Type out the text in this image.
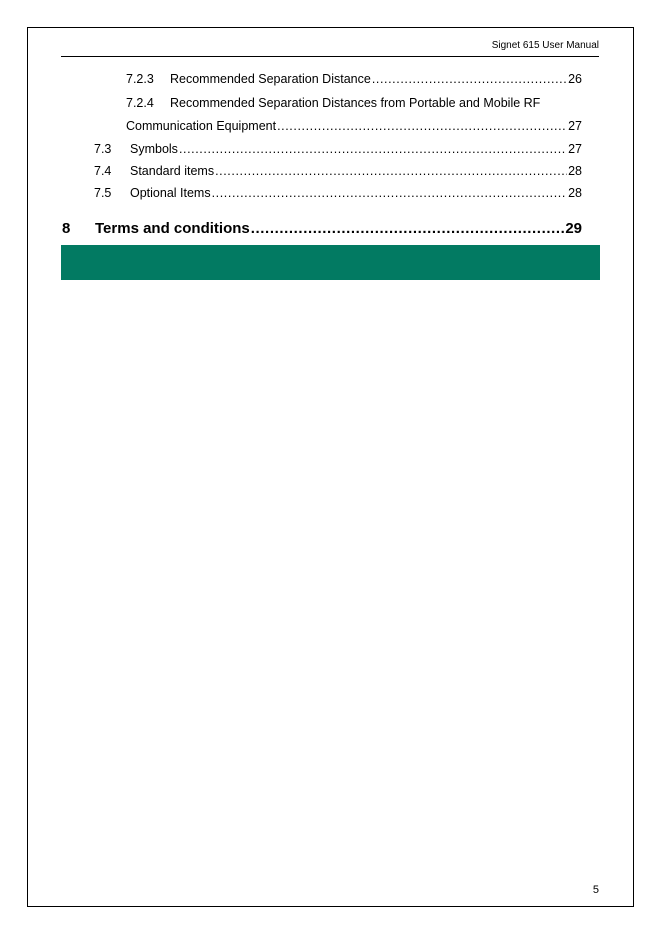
Signet 615 User Manual
7.2.3	Recommended Separation Distance .....	26
7.2.4 Recommended Separation Distances from Portable and Mobile RF
Communication Equipment .....	27
7.3	Symbols .....	27
7.4	Standard items .....	28
7.5	Optional Items .....	28
8	Terms and conditions .....	29
5
